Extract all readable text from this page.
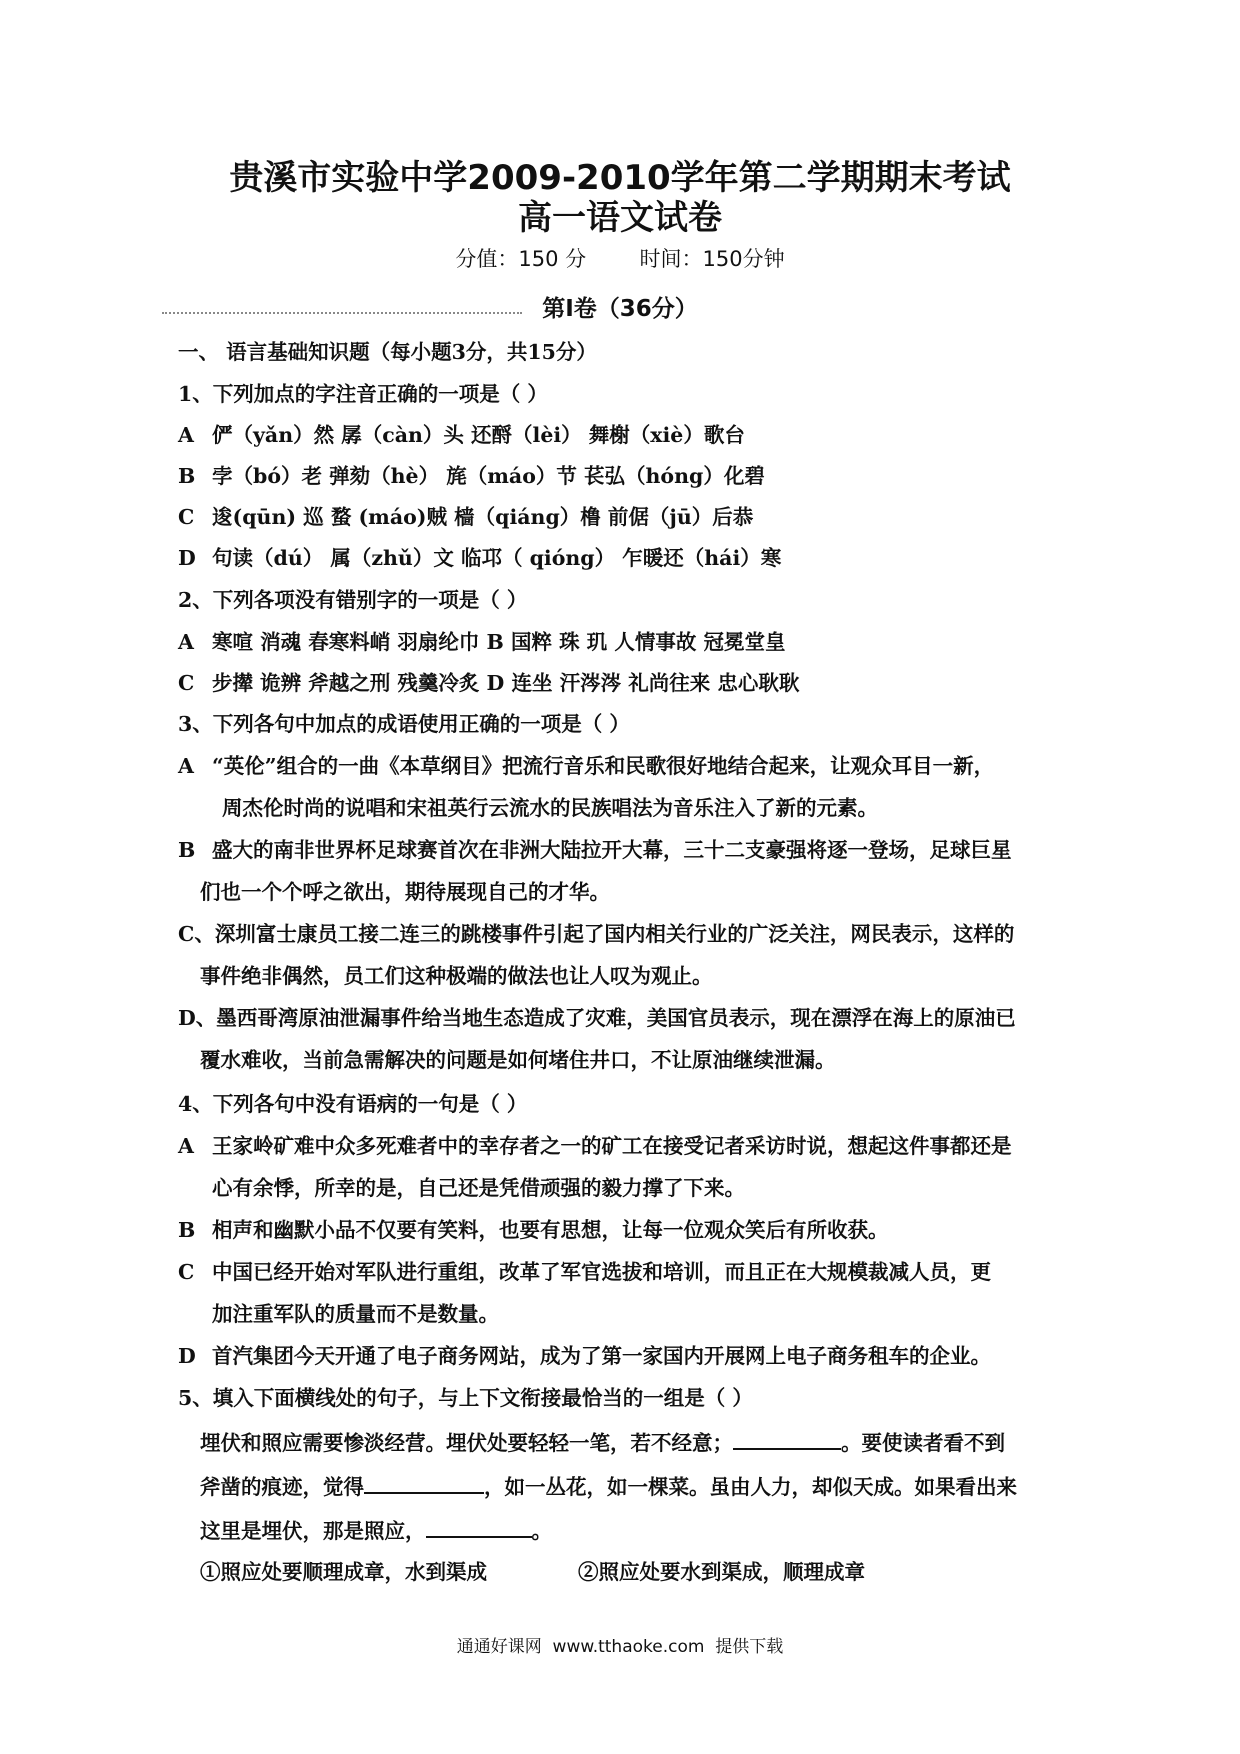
贵溪市实验中学2009-2010学年第二学期期末考试
高一语文试卷
分值：150 分        时间：150分钟
第Ⅰ卷（36分）
一、 语言基础知识题（每小题3分，共15分）
1、下列加点的字注音正确的一项是（ ）
A 俨（yǎn）然 孱（càn）头 还酹（lèi） 舞榭（xiè）歌台
B 孛（bó）老 弹劾（hè） 旄（máo）节 苌弘（hóng）化碧
C 逡(qūn) 巡 蝥 (máo)贼 樯（qiáng）橹 前倨（jū）后恭
D 句读（dú） 属（zhǔ）文 临邛（ qióng） 乍暖还（hái）寒
2、下列各项没有错别字的一项是（ ）
A 寒喧 消魂 春寒料峭 羽扇纶巾 B 国粹 珠 玑 人情事故 冠冕堂皇
C 步撵 诡辨 斧越之刑 残羹冷炙 D 连坐 汗涔涔 礼尚往来 忠心耿耿
3、下列各句中加点的成语使用正确的一项是（ ）
A “英伦”组合的一曲《本草纲目》把流行音乐和民歌很好地结合起来，让观众耳目一新，
周杰伦时尚的说唱和宋祖英行云流水的民族唱法为音乐注入了新的元素。
B 盛大的南非世界杯足球赛首次在非洲大陆拉开大幕，三十二支豪强将逐一登场，足球巨星
们也一个个呼之欲出，期待展现自己的才华。
C、深圳富士康员工接二连三的跳楼事件引起了国内相关行业的广泛关注，网民表示，这样的
事件绝非偶然，员工们这种极端的做法也让人叹为观止。
D、墨西哥湾原油泄漏事件给当地生态造成了灾难，美国官员表示，现在漂浮在海上的原油已
覆水难收，当前急需解决的问题是如何堵住井口，不让原油继续泄漏。
4、下列各句中没有语病的一句是（ ）
A 王家岭矿难中众多死难者中的幸存者之一的矿工在接受记者采访时说，想起这件事都还是
心有余悸，所幸的是，自己还是凭借顽强的毅力撑了下来。
B 相声和幽默小品不仅要有笑料，也要有思想，让每一位观众笑后有所收获。
C 中国已经开始对军队进行重组，改革了军官选拔和培训，而且正在大规模裁减人员，更
加注重军队的质量而不是数量。
D 首汽集团今天开通了电子商务网站，成为了第一家国内开展网上电子商务租车的企业。
5、填入下面横线处的句子，与上下文衔接最恰当的一组是（ ）
埋伏和照应需要惨淡经营。埋伏处要轻轻一笔，若不经意；	。要使读者看不到
斧凿的痕迹，觉得	，如一丛花，如一棵菜。虽由人力，却似天成。如果看出来
这里是埋伏，那是照应，	。
①照应处要顺理成章，水到渠成	②照应处要水到渠成，顺理成章
通通好课网  www.tthaoke.com  提供下载
